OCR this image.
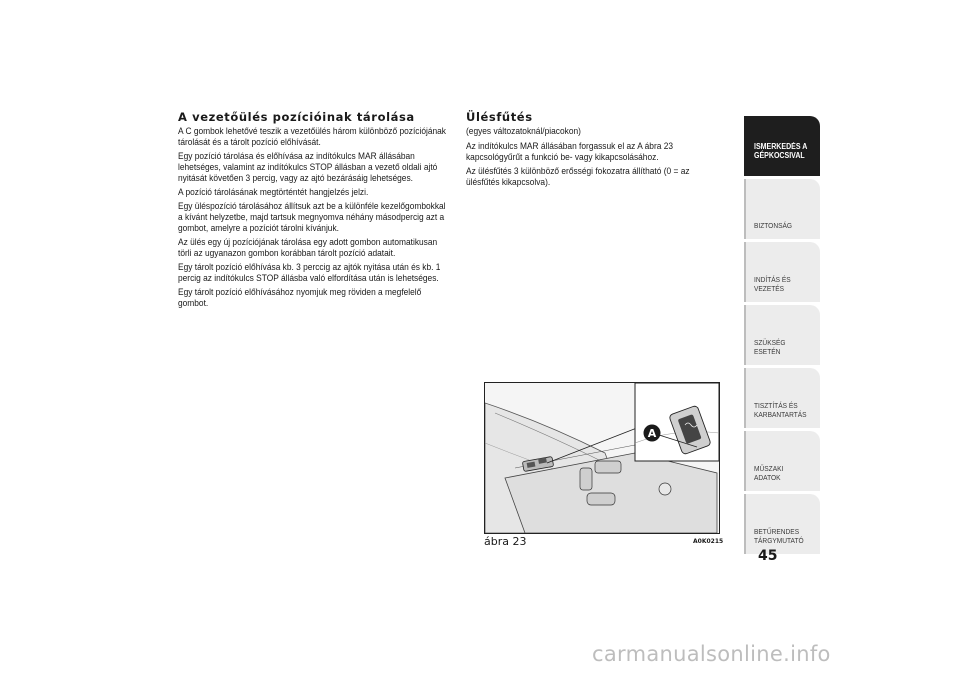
A vezetőülés pozícióinak tárolása

A C gombok lehetővé teszik a vezetőülés három különböző pozíciójának tárolását és a tárolt pozíció előhívását.

Egy pozíció tárolása és előhívása az indítókulcs MAR állásában lehetséges, valamint az indítókulcs STOP állásban a vezető oldali ajtó nyitását követően 3 percig, vagy az ajtó bezárásáig lehetséges.

A pozíció tárolásának megtörténtét hangjelzés jelzi.

Egy üléspozíció tárolásához állítsuk azt be a különféle kezelőgombokkal a kívánt helyzetbe, majd tartsuk megnyomva néhány másodpercig azt a gombot, amelyre a pozíciót tárolni kívánjuk.

Az ülés egy új pozíciójának tárolása egy adott gombon automatikusan törli az ugyanazon gombon korábban tárolt pozíció adatait.

Egy tárolt pozíció előhívása kb. 3 perccig az ajtók nyitása után és kb. 1 percig az indítókulcs STOP állásba való elfordítása után is lehetséges.

Egy tárolt pozíció előhívásához nyomjuk meg röviden a megfelelő gombot.

Ülésfűtés

(egyes változatoknál/piacokon)

Az indítókulcs MAR állásában forgassuk el az A ábra 23 kapcsológyűrűt a funkció be- vagy kikapcsolásához.

Az ülésfűtés 3 különböző erősségi fokozatra állítható (0 = az ülésfűtés kikapcsolva).

A
ábra 23	A0K0215
ISMERKEDÉS A
GÉPKOCSIVAL
BIZTONSÁG
INDÍTÁS ÉS VEZETÉS
SZÜKSÉG ESETÉN
TISZTÍTÁS ÉS
KARBANTARTÁS
MŰSZAKI ADATOK
BETŰRENDES
TÁRGYMUTATÓ
45
carmanualsonline.info
